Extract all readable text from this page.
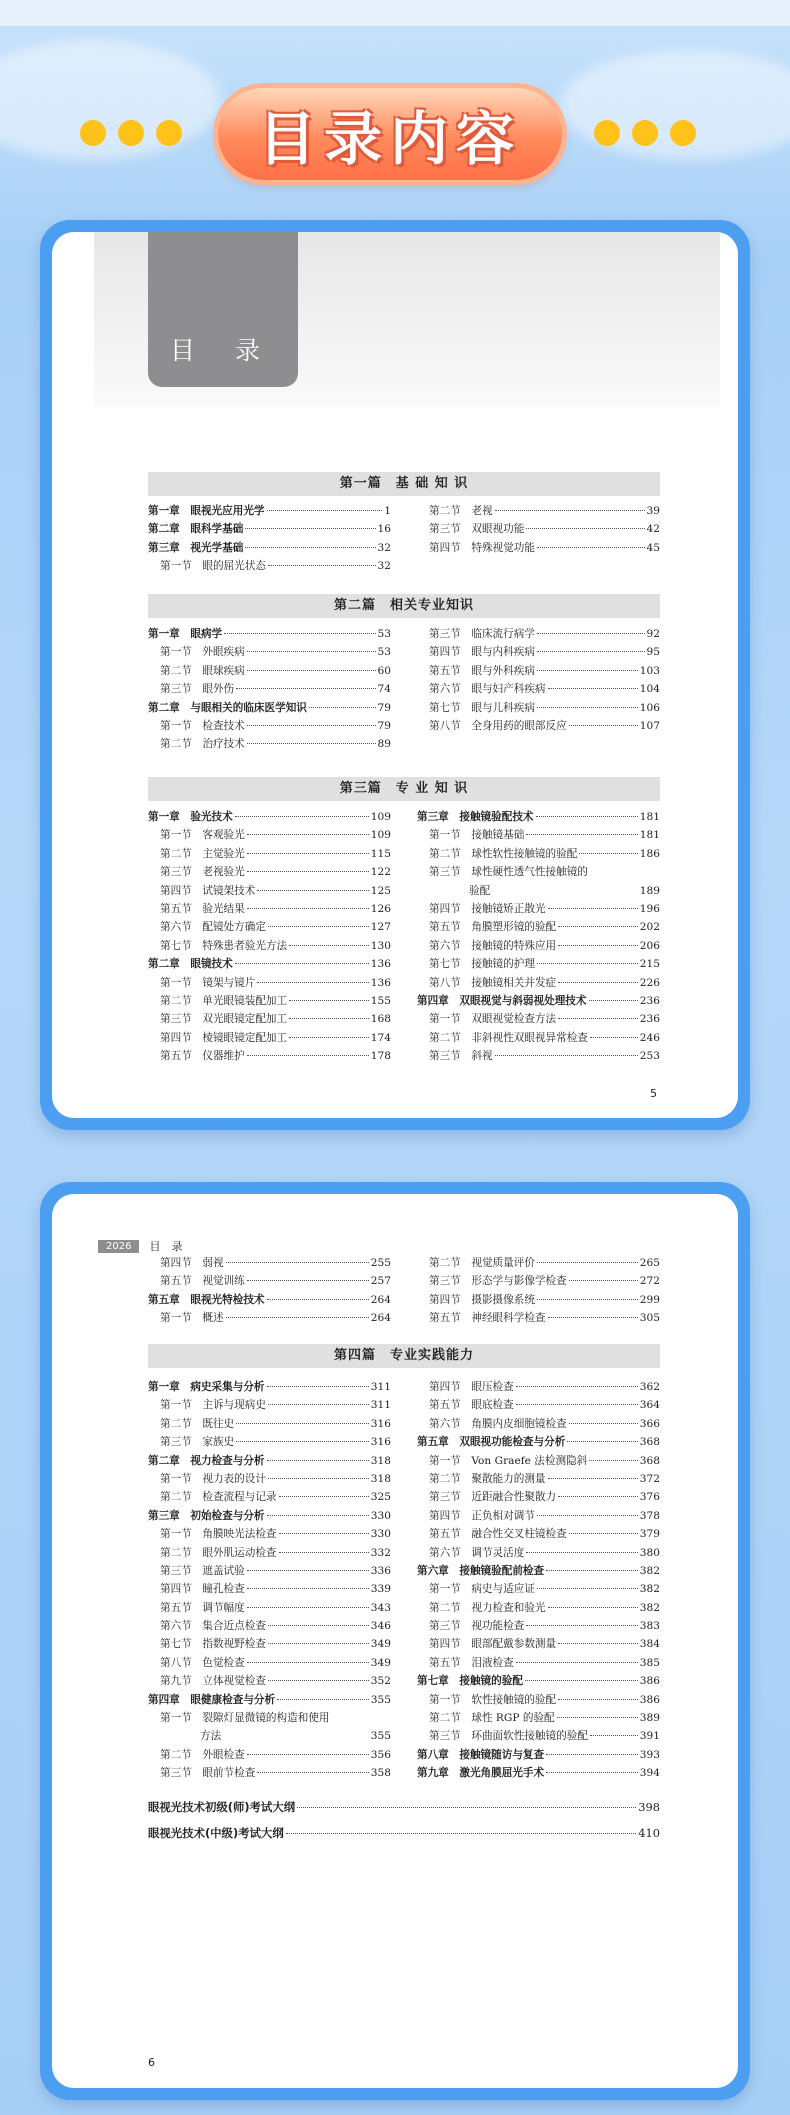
目录内容
目 录
第一篇　基 础 知 识
第一章　眼视光应用光学	1
第二章　眼科学基础	16
第三章　视光学基础	32
第一节　眼的屈光状态	32
第二节　老视	39
第三节　双眼视功能	42
第四节　特殊视觉功能	45
第二篇　相关专业知识
第一章　眼病学	53
第一节　外眼疾病	53
第二节　眼球疾病	60
第三节　眼外伤	74
第二章　与眼相关的临床医学知识	79
第一节　检查技术	79
第二节　治疗技术	89
第三节　临床流行病学	92
第四节　眼与内科疾病	95
第五节　眼与外科疾病	103
第六节　眼与妇产科疾病	104
第七节　眼与儿科疾病	106
第八节　全身用药的眼部反应	107
第三篇　专 业 知 识
第一章　验光技术	109
第一节　客观验光	109
第二节　主觉验光	115
第三节　老视验光	122
第四节　试镜架技术	125
第五节　验光结果	126
第六节　配镜处方确定	127
第七节　特殊患者验光方法	130
第二章　眼镜技术	136
第一节　镜架与镜片	136
第二节　单光眼镜装配加工	155
第三节　双光眼镜定配加工	168
第四节　棱镜眼镜定配加工	174
第五节　仪器维护	178
第三章　接触镜验配技术	181
第一节　接触镜基础	181
第二节　球性软性接触镜的验配	186
第三节　球性硬性透气性接触镜的
验配	189
第四节　接触镜矫正散光	196
第五节　角膜塑形镜的验配	202
第六节　接触镜的特殊应用	206
第七节　接触镜的护理	215
第八节　接触镜相关并发症	226
第四章　双眼视觉与斜弱视处理技术	236
第一节　双眼视觉检查方法	236
第二节　非斜视性双眼视异常检查	246
第三节　斜视	253
5
2026	目　录
第四节　弱视	255
第五节　视觉训练	257
第五章　眼视光特检技术	264
第一节　概述	264
第二节　视觉质量评价	265
第三节　形态学与影像学检查	272
第四节　摄影摄像系统	299
第五节　神经眼科学检查	305
第四篇　专业实践能力
第一章　病史采集与分析	311
第一节　主诉与现病史	311
第二节　既往史	316
第三节　家族史	316
第二章　视力检查与分析	318
第一节　视力表的设计	318
第二节　检查流程与记录	325
第三章　初始检查与分析	330
第一节　角膜映光法检查	330
第二节　眼外肌运动检查	332
第三节　遮盖试验	336
第四节　瞳孔检查	339
第五节　调节幅度	343
第六节　集合近点检查	346
第七节　指数视野检查	349
第八节　色觉检查	349
第九节　立体视觉检查	352
第四章　眼健康检查与分析	355
第一节　裂隙灯显微镜的构造和使用
方法	355
第二节　外眼检查	356
第三节　眼前节检查	358
第四节　眼压检查	362
第五节　眼底检查	364
第六节　角膜内皮细胞镜检查	366
第五章　双眼视功能检查与分析	368
第一节　Von Graefe 法检测隐斜	368
第二节　聚散能力的测量	372
第三节　近距融合性聚散力	376
第四节　正负相对调节	378
第五节　融合性交叉柱镜检查	379
第六节　调节灵活度	380
第六章　接触镜验配前检查	382
第一节　病史与适应证	382
第二节　视力检查和验光	382
第三节　视功能检查	383
第四节　眼部配戴参数测量	384
第五节　泪液检查	385
第七章　接触镜的验配	386
第一节　软性接触镜的验配	386
第二节　球性 RGP 的验配	389
第三节　环曲面软性接触镜的验配	391
第八章　接触镜随访与复查	393
第九章　激光角膜屈光手术	394
眼视光技术初级(师)考试大纲	398
眼视光技术(中级)考试大纲	410
6
